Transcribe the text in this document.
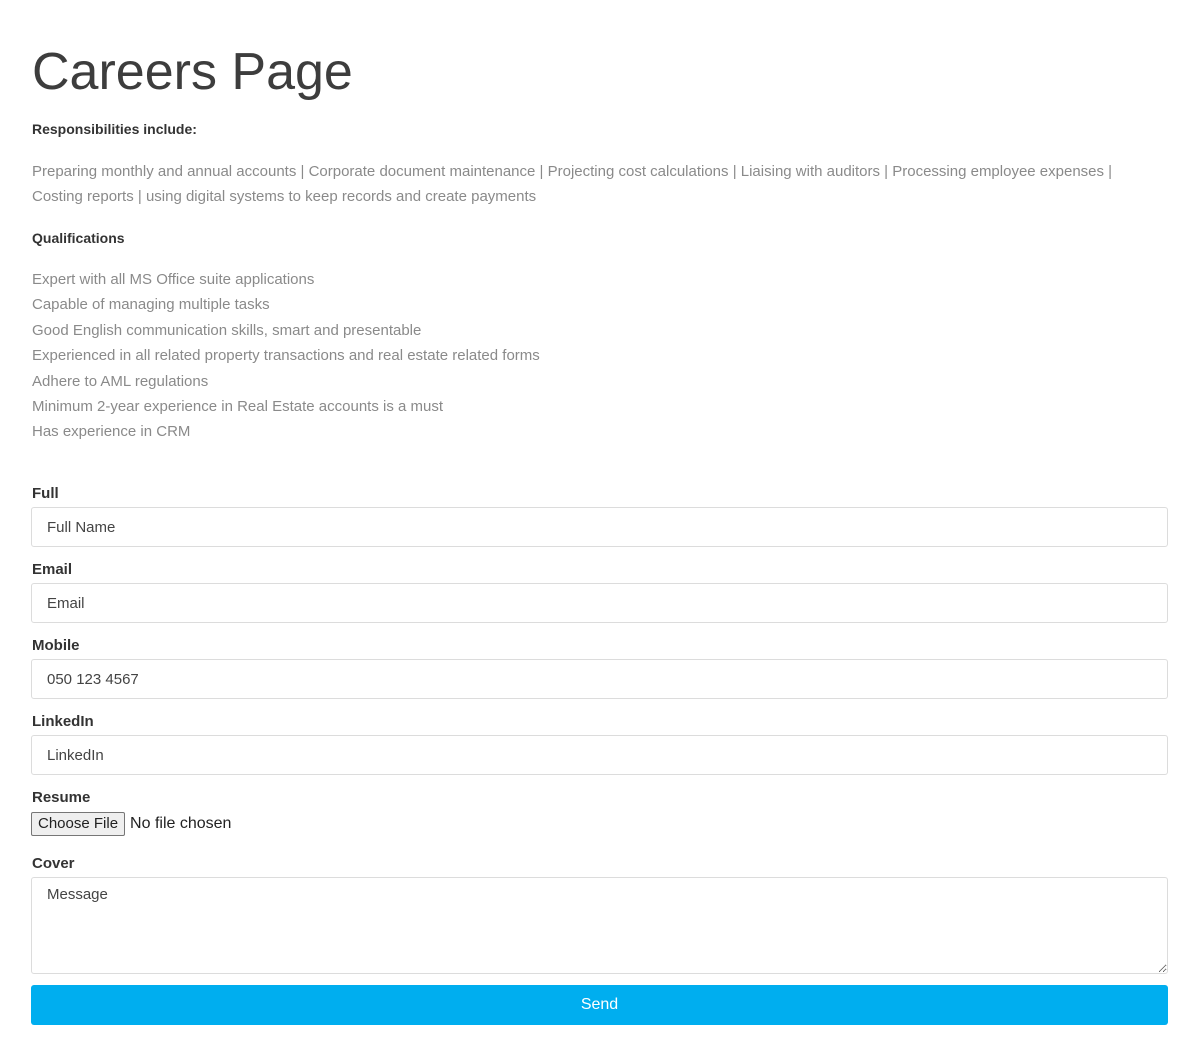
Careers Page

Responsibilities include:

Preparing monthly and annual accounts | Corporate document maintenance | Projecting cost calculations | Liaising with auditors | Processing employee expenses |
Costing reports | using digital systems to keep records and create payments

Qualifications

Expert with all MS Office suite applications
Capable of managing multiple tasks
Good English communication skills, smart and presentable
Experienced in all related property transactions and real estate related forms
Adhere to AML regulations
Minimum 2-year experience in Real Estate accounts is a must
Has experience in CRM
Full
Full Name
Email
Email
Mobile
050 123 4567
LinkedIn
LinkedIn
Resume
Choose File No file chosen
Cover
Message
Send
